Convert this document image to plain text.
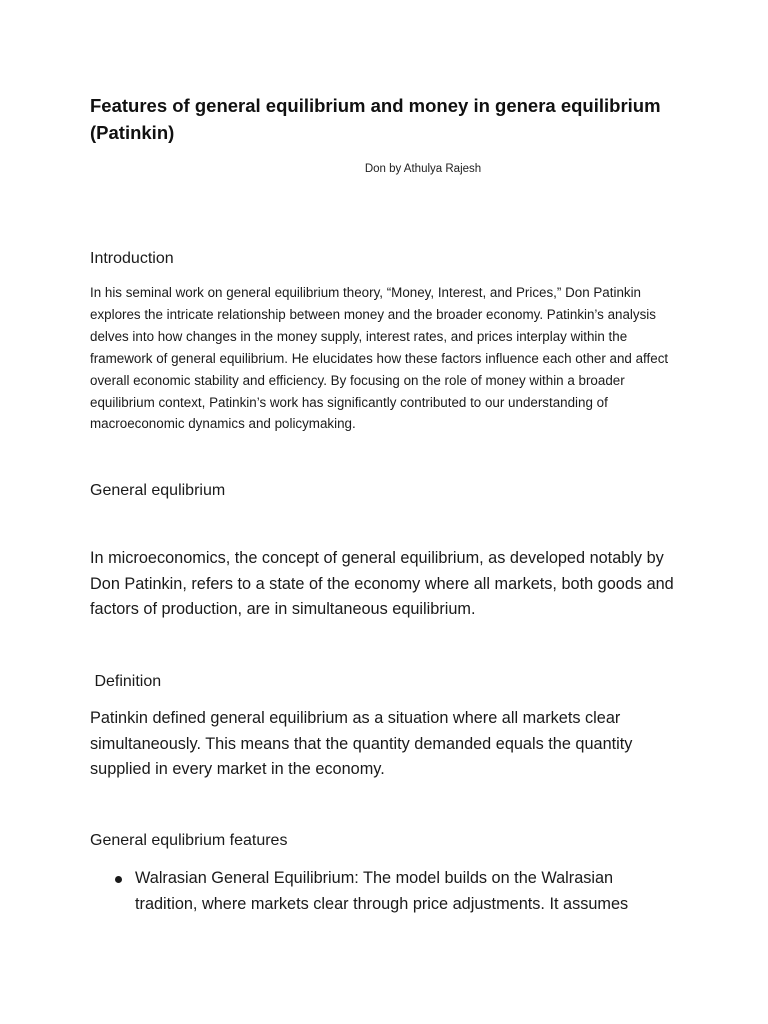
Features of general equilibrium and money in genera equilibrium (Patinkin)

Don by Athulya Rajesh

Introduction

In his seminal work on general equilibrium theory, “Money, Interest, and Prices,” Don Patinkin explores the intricate relationship between money and the broader economy. Patinkin’s analysis delves into how changes in the money supply, interest rates, and prices interplay within the framework of general equilibrium. He elucidates how these factors influence each other and affect overall economic stability and efficiency. By focusing on the role of money within a broader equilibrium context, Patinkin’s work has significantly contributed to our understanding of macroeconomic dynamics and policymaking.

General equlibrium

In microeconomics, the concept of general equilibrium, as developed notably by Don Patinkin, refers to a state of the economy where all markets, both goods and factors of production, are in simultaneous equilibrium.

Definition

Patinkin defined general equilibrium as a situation where all markets clear simultaneously. This means that the quantity demanded equals the quantity supplied in every market in the economy.

General equlibrium features
Walrasian General Equilibrium: The model builds on the Walrasian tradition, where markets clear through price adjustments. It assumes
